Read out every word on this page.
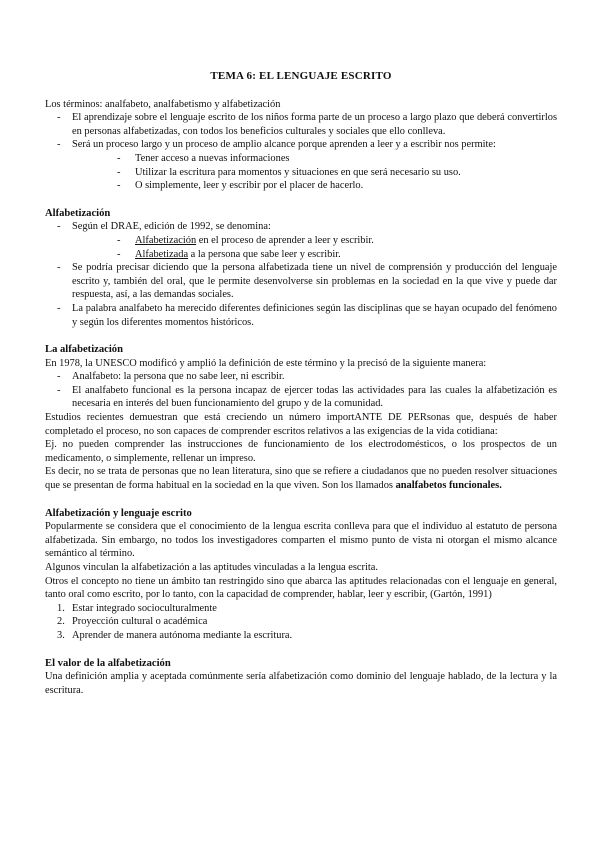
TEMA 6: EL LENGUAJE ESCRITO

Los términos: analfabeto, analfabetismo y alfabetización

- El aprendizaje sobre el lenguaje escrito de los niños forma parte de un proceso a largo plazo que deberá convertirlos en personas alfabetizadas, con todos los beneficios culturales y sociales que ello conlleva.
- Será un proceso largo y un proceso de amplio alcance porque aprenden a leer y a escribir nos permite:
- Tener acceso a nuevas informaciones
- Utilizar la escritura para momentos y situaciones en que será necesario su uso.
- O simplemente, leer y escribir por el placer de hacerlo.
Alfabetización
- Según el DRAE, edición de 1992, se denomina:
- Alfabetización en el proceso de aprender a leer y escribir.
- Alfabetizada a la persona que sabe leer y escribir.
- Se podría precisar diciendo que la persona alfabetizada tiene un nivel de comprensión y producción del lenguaje escrito y, también del oral, que le permite desenvolverse sin problemas en la sociedad en la que vive y puede dar respuesta, así, a las demandas sociales.
- La palabra analfabeto ha merecido diferentes definiciones según las disciplinas que se hayan ocupado del fenómeno y según los diferentes momentos históricos.
La alfabetización

En 1978, la UNESCO modificó y amplió la definición de este término y la precisó de la siguiente manera:

- Analfabeto: la persona que no sabe leer, ni escribir.
- El analfabeto funcional es la persona incapaz de ejercer todas las actividades para las cuales la alfabetización es necesaria en interés del buen funcionamiento del grupo y de la comunidad.

Estudios recientes demuestran que está creciendo un número importANTE DE PERsonas que, después de haber completado el proceso, no son capaces de comprender escritos relativos a las exigencias de la vida cotidiana:

Ej. no pueden comprender las instrucciones de funcionamiento de los electrodomésticos, o los prospectos de un medicamento, o simplemente, rellenar un impreso.

Es decir, no se trata de personas que no lean literatura, sino que se refiere a ciudadanos que no pueden resolver situaciones que se presentan de forma habitual en la sociedad en la que viven. Son los llamados analfabetos funcionales.

Alfabetización y lenguaje escrito

Popularmente se considera que el conocimiento de la lengua escrita conlleva para que el individuo al estatuto de persona alfabetizada. Sin embargo, no todos los investigadores comparten el mismo punto de vista ni otorgan el mismo alcance semántico al término.

Algunos vinculan la alfabetización a las aptitudes vinculadas a la lengua escrita.

Otros el concepto no tiene un ámbito tan restringido sino que abarca las aptitudes relacionadas con el lenguaje en general, tanto oral como escrito, por lo tanto, con la capacidad de comprender, hablar, leer y escribir, (Gartón, 1991)

1. Estar integrado socioculturalmente
2. Proyección cultural o académica
3. Aprender de manera autónoma mediante la escritura.
El valor de la alfabetización

Una definición amplia y aceptada comúnmente sería alfabetización como dominio del lenguaje hablado, de la lectura y la escritura.
